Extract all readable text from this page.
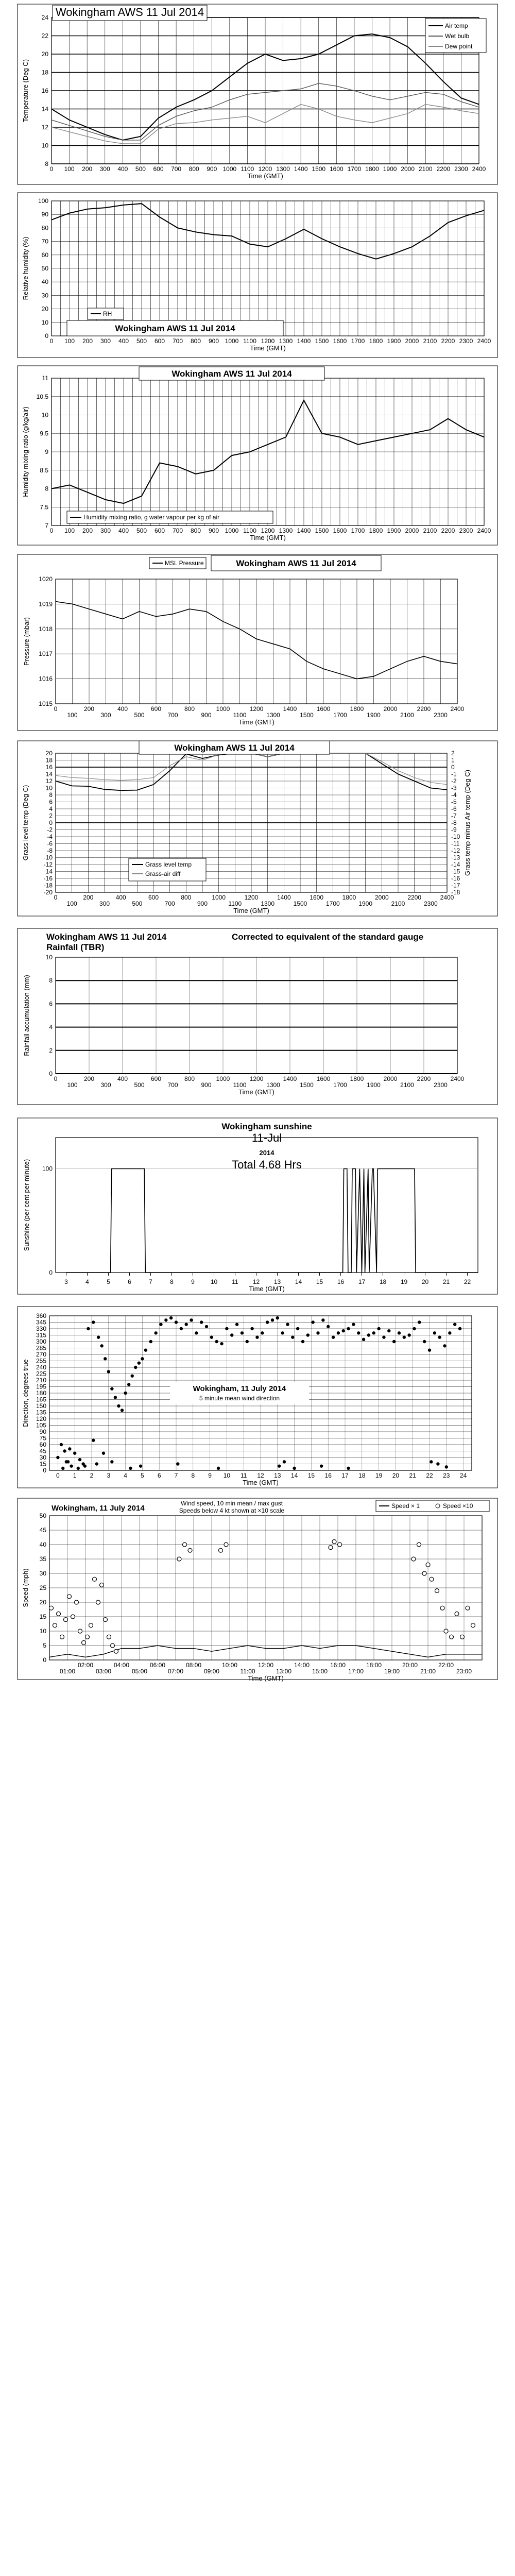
8
10
12
14
16
18
20
22
24
0 100 200 300 400 500 600 700 800 900 1000 1100 1200 1300 1400 1500 1600 1700 1800 1900 2000 2100 2200 2300 2400
Time (GMT)
Temperature (Deg C)
Wokingham AWS 11 Jul 2014
Air temp
Wet bulb
Dew point
0
10
20
30
40
50
60
70
80
90
100
0 100 200 300 400 500 600 700 800 900 1000 1100 1200 1300 1400 1500 1600 1700 1800 1900 2000 2100 2200 2300 2400
Time (GMT)
Relative humidity (%)
RH
Wokingham AWS 11 Jul 2014
7
7.5
8
8.5
9
9.5
10
10.5
11
0 100 200 300 400 500 600 700 800 900 1000 1100 1200 1300 1400 1500 1600 1700 1800 1900 2000 2100 2200 2300 2400
Time (GMT)
Humidity mixing ratio (g/kg/air)
Wokingham AWS 11 Jul 2014
Humidity mixing ratio, g water vapour per kg of air
1015
1016
1017
1018
1019
1020
0	200	400	600	800	1000	1200	1400	1600	1800	2000	2200	2400
100	300	500	700	900	1100	1300	1500	1700	1900	2100	2300
Time (GMT)
Pressure (mbar)
MSL Pressure	Wokingham AWS 11 Jul 2014
20
18
16
14
12
10
8
6
4
2
0
-2
-4
-6
-8
-10
-12
-14
-16
-18
-20
2
1
0
-1
-2
-3
-4
-5
-6
-7
-8
-9
-10
-11
-12
-13
-14
-15
-16
-17
-18
0	200	400	600	800	1000	1200	1400	1600	1800	2000	2200	2400
100	300	500	700	900	1100	1300	1500	1700	1900	2100	2300
Time (GMT)
Grass level temp (Deg C)	Grass temp minus Air temp (Deg C)
Wokingham AWS 11 Jul 2014
Grass level temp
Grass-air diff
0
2
4
6
8
10
0	200	400	600	800	1000	1200	1400	1600	1800	2000	2200	2400
100	300	500	700	900	1100	1300	1500	1700	1900	2100	2300
Time (GMT)
Rainfall accumulation (mm)
Wokingham AWS 11 Jul 2014
Rainfall (TBR)
Corrected to equivalent of the standard gauge
0
100
3	4	5	6	7	8	9	10 11 12 13 14 15 16 17 18 19 20 21 22
Time (GMT)
Sunshine (per cent per minute)
Wokingham sunshine
11-Jul
2014
Total 4.68 Hrs
0
15
30
45
60
75
90
105
120
135
150
165
180
195
210
225
240
255
270
285
300
315
330
345
360
0 1 2 3 4 5 6 7 8 9 10 11 12 13 14 15 16 17 18 19 20 21 22 23 24
Time (GMT)
Direction, degrees true	Wokingham, 11 July 2014
5 minute mean wind direction
0
5
10
15
20
25
30
35
40
45
50
01:00
02:00
03:00
04:00
05:00
06:00
07:00
08:00
09:00
10:00
11:00
12:00
13:00
14:00
15:00
16:00
17:00
18:00
19:00
20:00
21:00
22:00
23:00
Time (GMT)
Speed (mph)
Wokingham, 11 July 2014
Wind speed, 10 min mean / max gust
Speeds below 4 kt shown at ×10 scale
Speed × 1	Speed ×10
